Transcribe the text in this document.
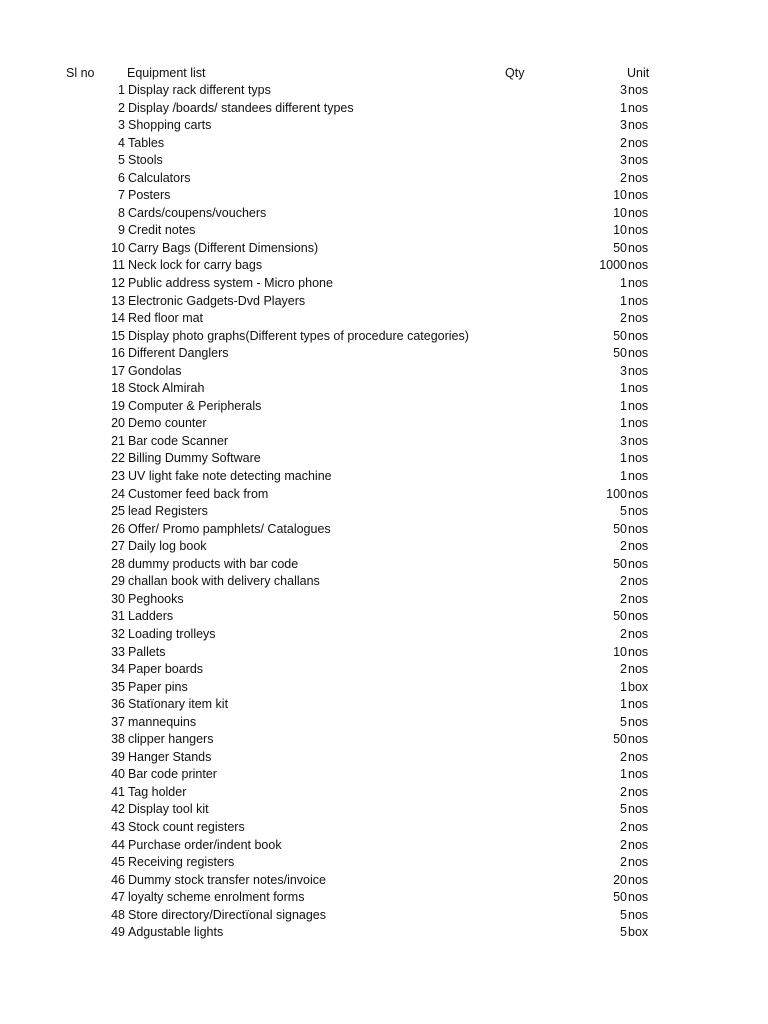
Sl no	Equipment list	Qty	Unit
1 Display rack different typs	3 nos
2 Display /boards/ standees different types	1 nos
3 Shopping carts	3 nos
4 Tables	2 nos
5 Stools	3 nos
6 Calculators	2 nos
7 Posters	10 nos
8 Cards/coupens/vouchers	10 nos
9 Credit notes	10 nos
10 Carry Bags (Different Dimensions)	50 nos
11 Neck lock for carry bags	1000 nos
12 Public address system - Micro phone	1 nos
13 Electronic Gadgets-Dvd Players	1 nos
14 Red floor mat	2 nos
15 Display photo graphs(Different types of procedure categories)	50 nos
16 Different Danglers	50 nos
17 Gondolas	3 nos
18 Stock Almirah	1 nos
19 Computer & Peripherals	1 nos
20 Demo counter	1 nos
21 Bar code Scanner	3 nos
22 Billing Dummy Software	1 nos
23 UV light fake note detecting machine	1 nos
24 Customer feed back from	100 nos
25 lead Registers	5 nos
26 Offer/ Promo pamphlets/ Catalogues	50 nos
27 Daily log book	2 nos
28 dummy products with bar code	50 nos
29 challan book with delivery challans	2 nos
30 Peghooks	2 nos
31 Ladders	50 nos
32 Loading trolleys	2 nos
33 Pallets	10 nos
34 Paper boards	2 nos
35 Paper pins	1 box
36 Statïonary item kit	1 nos
37 mannequins	5 nos
38 clipper hangers	50 nos
39 Hanger Stands	2 nos
40 Bar code printer	1 nos
41 Tag holder	2 nos
42 Display tool kit	5 nos
43 Stock count registers	2 nos
44 Purchase order/indent book	2 nos
45 Receiving registers	2 nos
46 Dummy stock transfer notes/invoice	20 nos
47 loyalty scheme enrolment forms	50 nos
48 Store directory/Directïonal signages	5 nos
49 Adgustable lights	5 box
